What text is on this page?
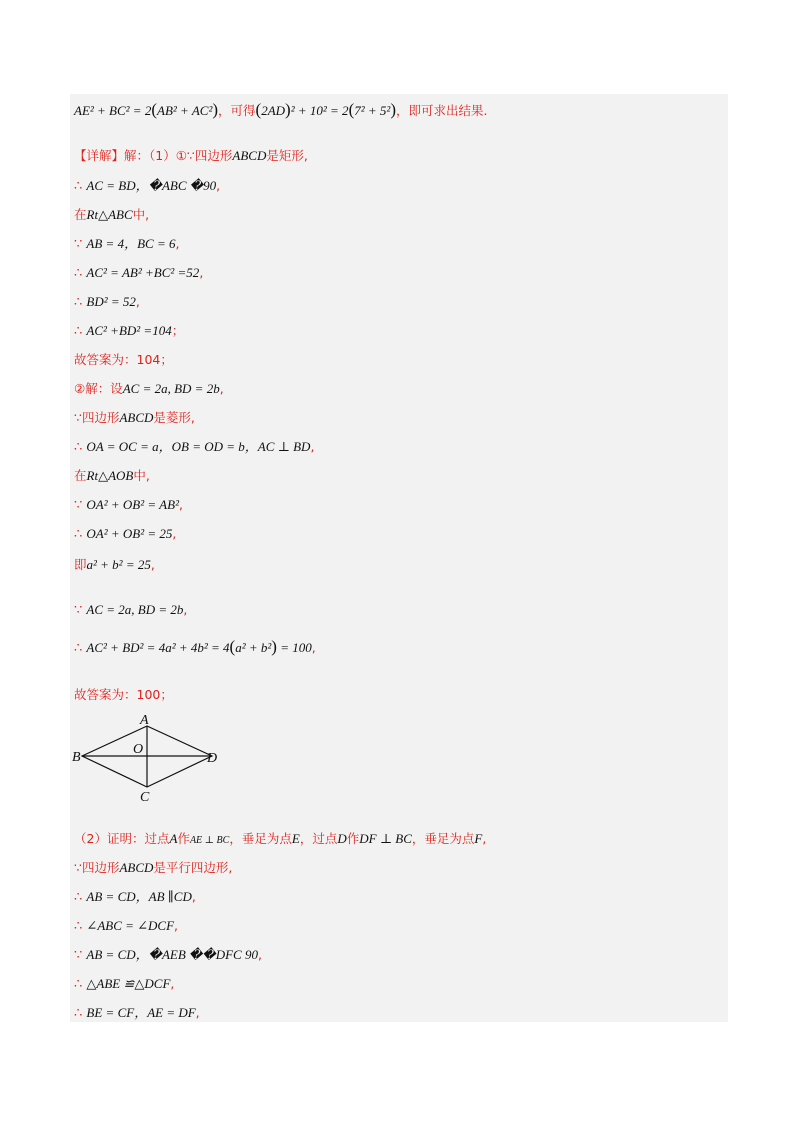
AE² + BC² = 2(AB² + AC²)，可得(2AD)² + 10² = 2(7² + 5²)，即可求出结果.
【详解】解：（1）①∵四边形ABCD是矩形,
∴ AC = BD，�ABC �90,
在Rt△ABC中,
∵ AB = 4，BC = 6,
∴ AC² = AB² +BC² =52,
∴ BD² = 52,
∴ AC² +BD² =104；
故答案为：104；
②解：设AC = 2a, BD = 2b,
∵四边形ABCD是菱形,
∴ OA = OC = a，OB = OD = b，AC ⊥ BD,
在Rt△AOB中,
∵ OA² + OB² = AB²,
∴ OA² + OB² = 25,
即a² + b² = 25,
∵ AC = 2a, BD = 2b,
∴ AC² + BD² = 4a² + 4b² = 4(a² + b²) = 100,
故答案为：100；
A
B
C
D
O
（2）证明：过点A作AE ⊥ BC，垂足为点E，过点D作DF ⊥ BC，垂足为点F,
∵四边形ABCD是平行四边形,
∴ AB = CD，AB ∥CD,
∴ ∠ABC = ∠DCF,
∵ AB = CD，�AEB ��DFC 90,
∴ △ABE ≌△DCF,
∴ BE = CF，AE = DF,
